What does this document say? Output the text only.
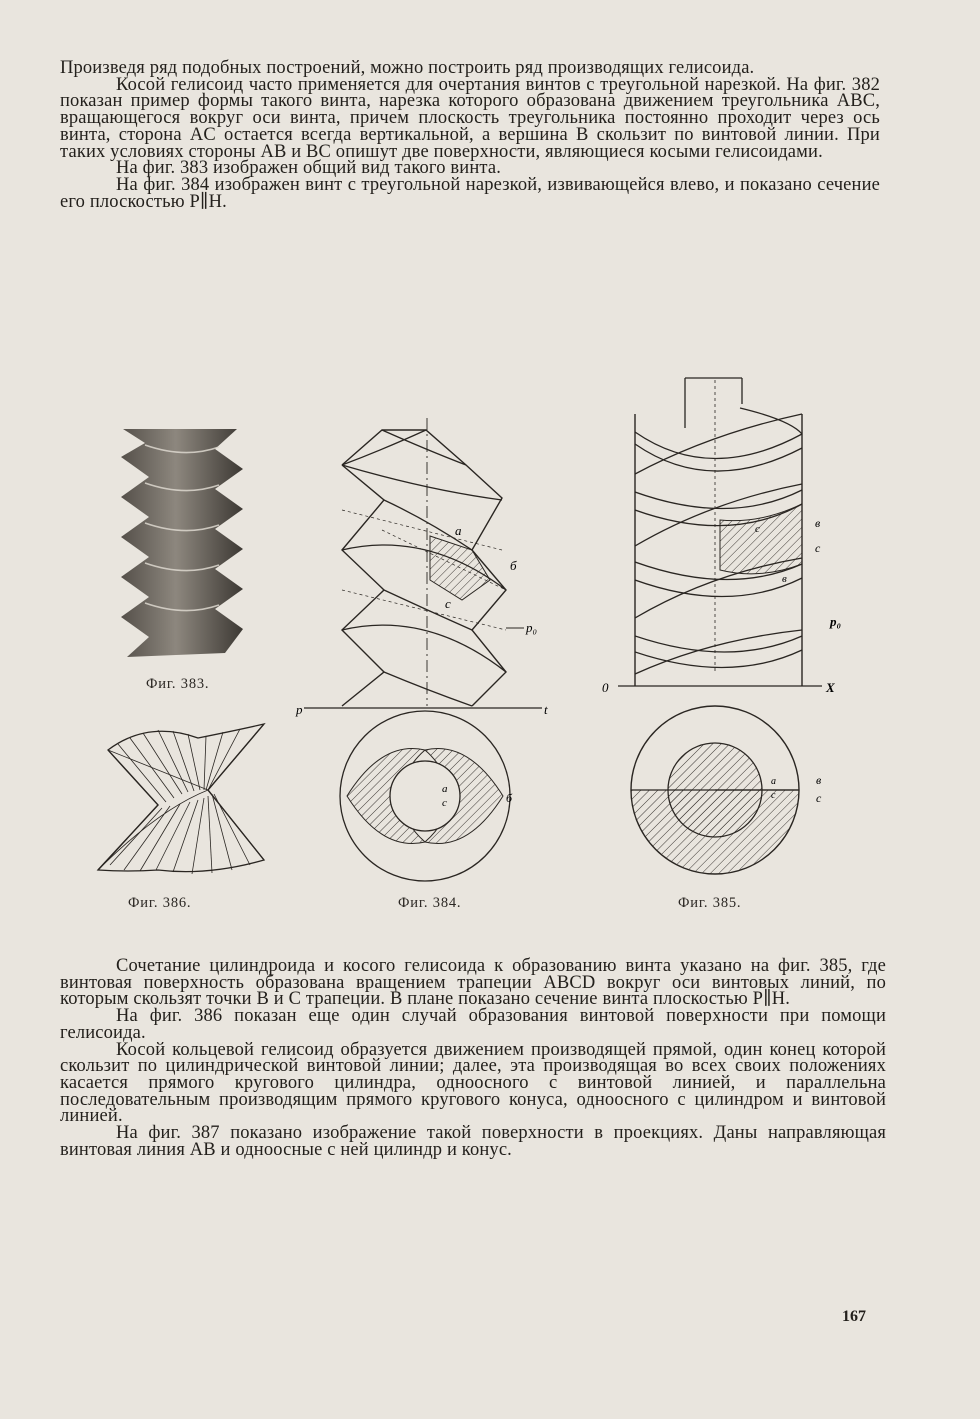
Произведя ряд подобных построений, можно построить ряд производящих гелисоида.

Косой гелисоид часто применяется для очертания винтов с треугольной нарезкой. На фиг. 382 показан пример формы такого винта, нарезка которого образована движением треугольника ABC, вращающегося вокруг оси винта, причем плоскость треугольника постоянно проходит через ось винта, сторона AC остается всегда вертикальной, а вершина B скользит по винтовой линии. При таких условиях стороны AB и BC опишут две поверхности, являющиеся косыми гелисоидами.

На фиг. 383 изображен общий вид такого винта.

На фиг. 384 изображен винт с треугольной нарезкой, извивающейся влево, и показано сечение его плоскостью P∥H.

Фиг. 383.
Фиг. 386.
а
б
с
p₀
p	t
а
с	б
Фиг. 384.
c	в
c
в
p₀
0	X
в
c
а
c
Фиг. 385.

Сочетание цилиндроида и косого гелисоида к образованию винта указано на фиг. 385, где винтовая поверхность образована вращением трапеции ABCD вокруг оси винтовых линий, по которым скользят точки B и C трапеции. В плане показано сечение винта плоскостью P∥H.

На фиг. 386 показан еще один случай образования винтовой поверхности при помощи гелисоида.

Косой кольцевой гелисоид образуется движением производящей прямой, один конец которой скользит по цилиндрической винтовой линии; далее, эта производящая во всех своих положениях касается прямого кругового цилиндра, одноосного с винтовой линией, и параллельна последовательным производящим прямого кругового конуса, одноосного с цилиндром и винтовой линией.

На фиг. 387 показано изображение такой поверхности в проекциях. Даны направляющая винтовая линия AB и одноосные с ней цилиндр и конус.

167
